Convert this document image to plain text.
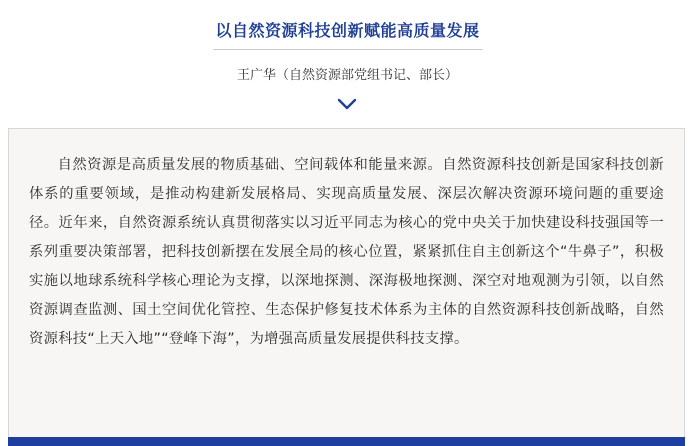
以自然资源科技创新赋能高质量发展
王广华（自然资源部党组书记、部长）

自然资源是高质量发展的物质基础、空间载体和能量来源。自然资源科技创新是国家科技创新体系的重要领域，是推动构建新发展格局、实现高质量发展、深层次解决资源环境问题的重要途径。近年来，自然资源系统认真贯彻落实以习近平同志为核心的党中央关于加快建设科技强国等一系列重要决策部署，把科技创新摆在发展全局的核心位置，紧紧抓住自主创新这个“牛鼻子”，积极实施以地球系统科学核心理论为支撑，以深地探测、深海极地探测、深空对地观测为引领，以自然资源调查监测、国土空间优化管控、生态保护修复技术体系为主体的自然资源科技创新战略，自然资源科技“上天入地”“登峰下海”，为增强高质量发展提供科技支撑。
